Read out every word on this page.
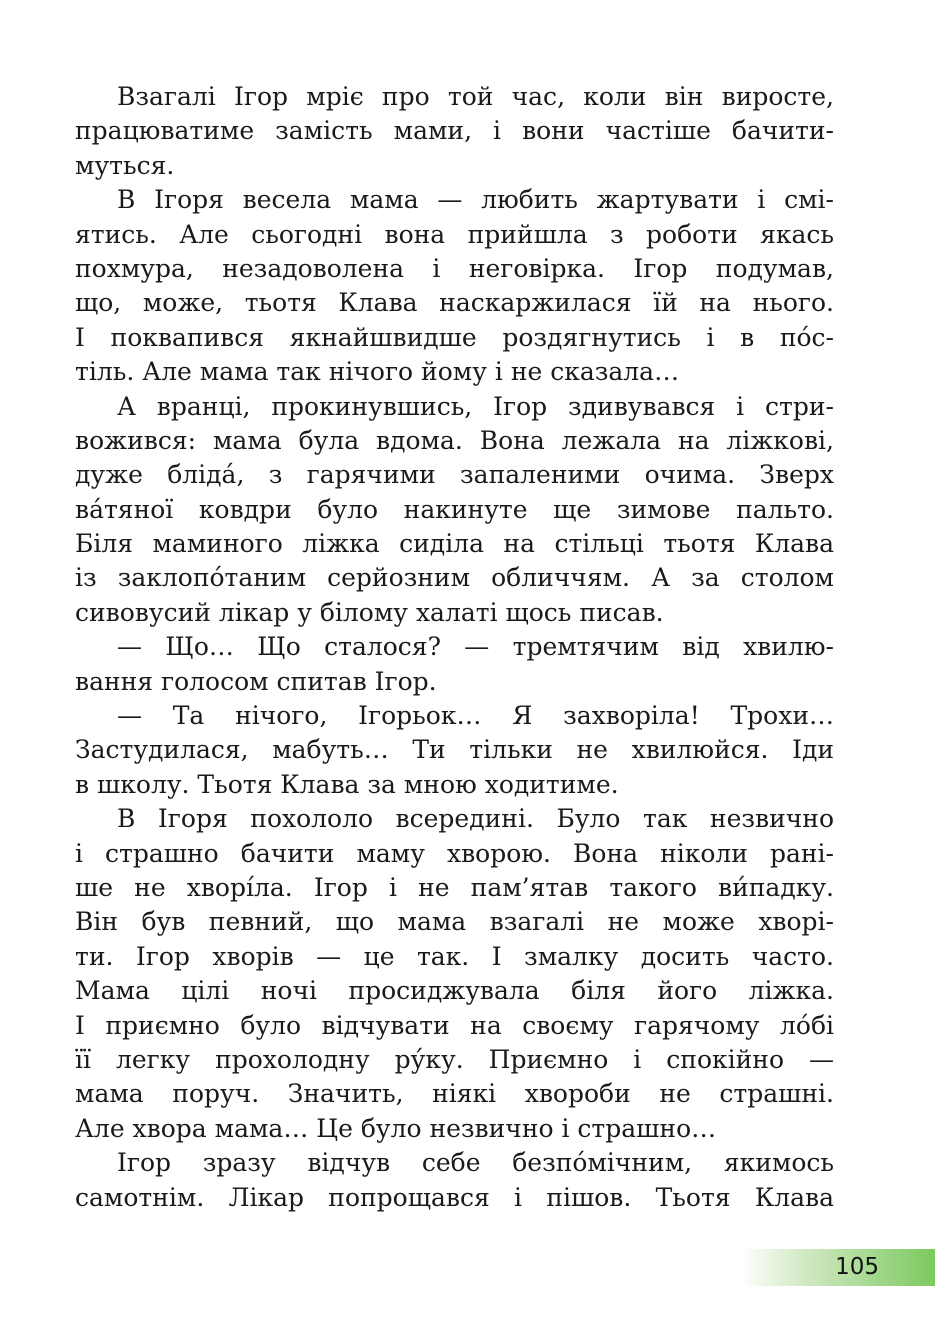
Взагалі Ігор мріє про той час, коли він виросте,
працюватиме замість мами, і вони частіше бачити-
муться.
В Ігоря весела мама — любить жартувати і смі-
ятись. Але сьогодні вона прийшла з роботи якась
похмура, незадоволена і неговірка. Ігор подумав,
що, може, тьотя Клава наскаржилася їй на нього.
І поквапився якнайшвидше роздягнутись і в по́с-
тіль. Але мама так нічого йому і не сказала…
А вранці, прокинувшись, Ігор здивувався і стри-
вожився: мама була вдома. Вона лежала на ліжкові,
дуже бліда́, з гарячими запаленими очима. Зверх
ва́тяної ковдри було накинуте ще зимове пальто.
Біля маминого ліжка сиділа на стільці тьотя Клава
із заклопо́таним серйозним обличчям. А за столом
сивовусий лікар у білому халаті щось писав.
— Що… Що сталося? — тремтячим від хвилю-
вання голосом спитав Ігор.
— Та нічого, Ігорьок… Я захворіла! Трохи…
Застудилася, мабуть… Ти тільки не хвилюйся. Іди
в школу. Тьотя Клава за мною ходитиме.
В Ігоря похололо всередині. Було так незвично
і страшно бачити маму хворою. Вона ніколи рані-
ше не хворі́ла. Ігор і не пам’ятав такого ви́падку.
Він був певний, що мама взагалі не може хворі-
ти. Ігор хворів — це так. І змалку досить часто.
Мама цілі ночі просиджувала біля його ліжка.
І приємно було відчувати на своєму гарячому ло́бі
її легку прохолодну ру́ку. Приємно і спокійно —
мама поруч. Значить, ніякі хвороби не страшні.
Але хвора мама… Це було незвично і страшно…
Ігор зразу відчув себе безпо́мічним, якимось
самотнім. Лікар попрощався і пішов. Тьотя Клава
105
